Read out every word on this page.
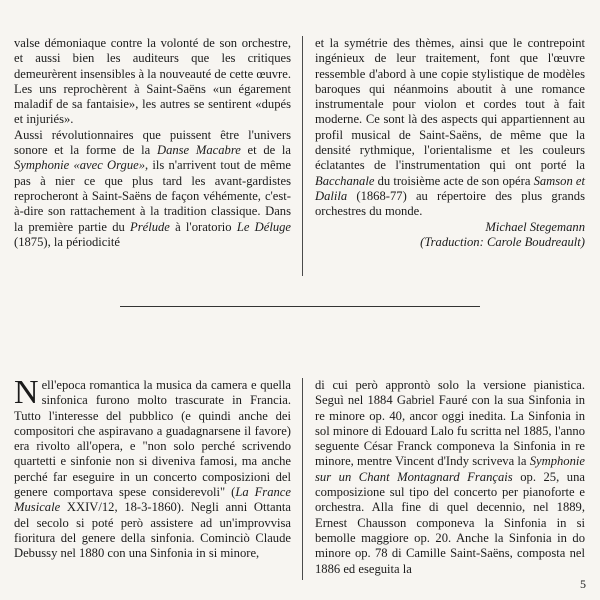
valse démoniaque contre la volonté de son orchestre, et aussi bien les auditeurs que les critiques demeurèrent insensibles à la nouveauté de cette œuvre. Les uns reprochèrent à Saint-Saëns «un égarement maladif de sa fantaisie», les autres se sentirent «dupés et injuriés».

Aussi révolutionnaires que puissent être l'univers sonore et la forme de la Danse Macabre et de la Symphonie «avec Orgue», ils n'arrivent tout de même pas à nier ce que plus tard les avant-gardistes reprocheront à Saint-Saëns de façon véhémente, c'est-à-dire son rattachement à la tradition classique. Dans la première partie du Prélude à l'oratorio Le Déluge (1875), la périodicité

et la symétrie des thèmes, ainsi que le contrepoint ingénieux de leur traitement, font que l'œuvre ressemble d'abord à une copie stylistique de modèles baroques qui néanmoins aboutit à une romance instrumentale pour violon et cordes tout à fait moderne. Ce sont là des aspects qui appartiennent au profil musical de Saint-Saëns, de même que la densité rythmique, l'orientalisme et les couleurs éclatantes de l'instrumentation qui ont porté la Bacchanale du troisième acte de son opéra Samson et Dalila (1868-77) au répertoire des plus grands orchestres du monde.

Michael Stegemann

(Traduction: Carole Boudreault)

Nell'epoca romantica la musica da camera e quella sinfonica furono molto trascurate in Francia. Tutto l'interesse del pubblico (e quindi anche dei compositori che aspiravano a guadagnarsene il favore) era rivolto all'opera, e "non solo perché scrivendo quartetti e sinfonie non si diveniva famosi, ma anche perché far eseguire in un concerto composizioni del genere comportava spese considerevoli" (La France Musicale XXIV/12, 18-3-1860). Negli anni Ottanta del secolo si poté però assistere ad un'improvvisa fioritura del genere della sinfonia. Cominciò Claude Debussy nel 1880 con una Sinfonia in si minore,

di cui però approntò solo la versione pianistica. Seguì nel 1884 Gabriel Fauré con la sua Sinfonia in re minore op. 40, ancor oggi inedita. La Sinfonia in sol minore di Edouard Lalo fu scritta nel 1885, l'anno seguente César Franck componeva la Sinfonia in re minore, mentre Vincent d'Indy scriveva la Symphonie sur un Chant Montagnard Français op. 25, una composizione sul tipo del concerto per pianoforte e orchestra. Alla fine di quel decennio, nel 1889, Ernest Chausson componeva la Sinfonia in si bemolle maggiore op. 20. Anche la Sinfonia in do minore op. 78 di Camille Saint-Saëns, composta nel 1886 ed eseguita la

5
